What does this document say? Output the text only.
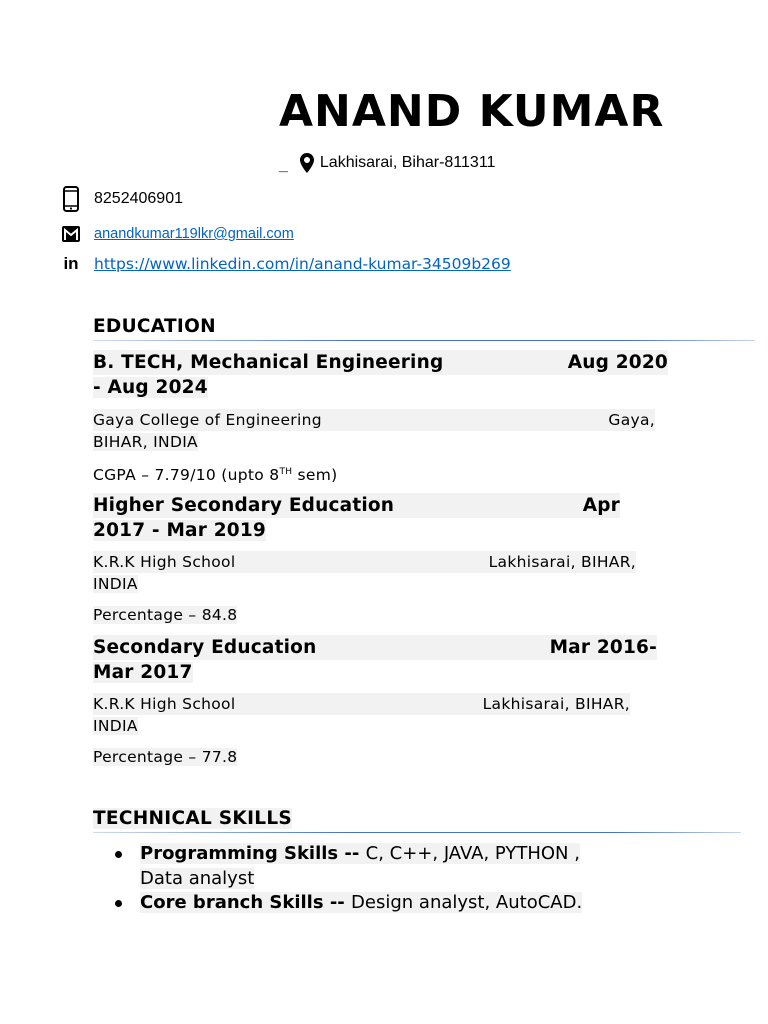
ANAND KUMAR
_ Lakhisarai, Bihar-811311
8252406901
anandkumar119lkr@gmail.com
in https://www.linkedin.com/in/anand-kumar-34509b269
EDUCATION
B. TECH, Mechanical Engineering	Aug 2020
- Aug 2024
Gaya College of Engineering	Gaya,
BIHAR, INDIA
CGPA – 7.79/10 (upto 8TH sem)
Higher Secondary Education	Apr
2017 - Mar 2019
K.R.K High School	Lakhisarai, BIHAR,
INDIA
Percentage – 84.8
Secondary Education	Mar 2016-
Mar 2017
K.R.K High School	Lakhisarai, BIHAR,
INDIA
Percentage – 77.8
TECHNICAL SKILLS
Programming Skills -- C, C++, JAVA, PYTHON ,
Data analyst
Core branch Skills -- Design analyst, AutoCAD.
